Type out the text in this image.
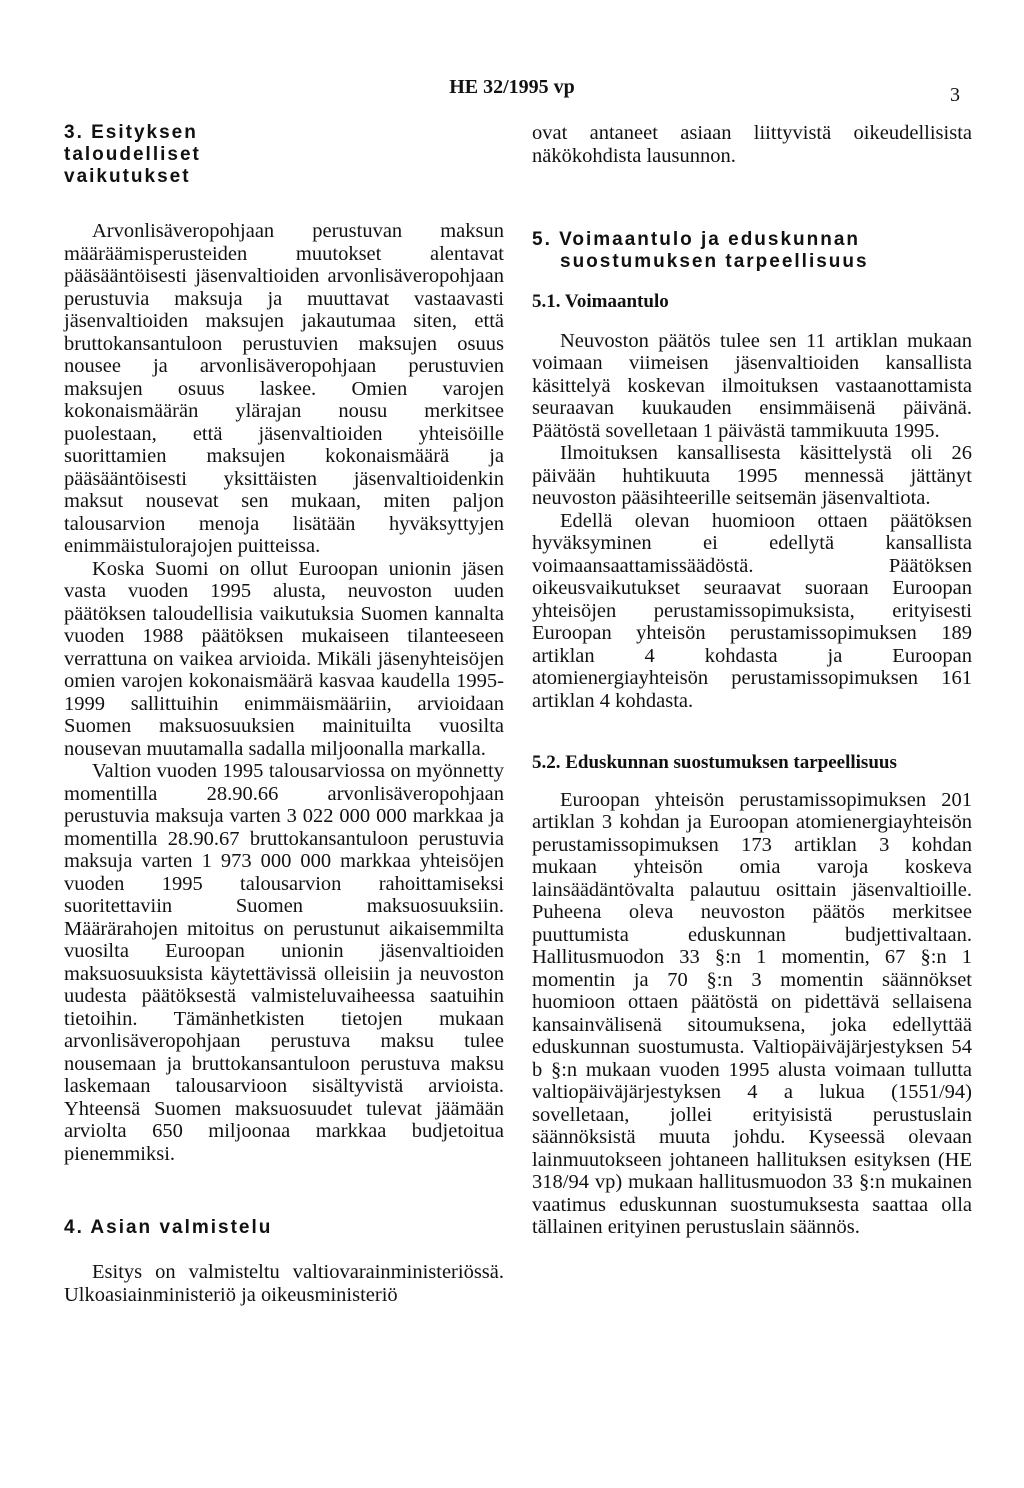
HE 32/1995 vp	3
3. Esityksen taloudelliset vaikutukset

Arvonlisäveropohjaan perustuvan maksun määräämisperusteiden muutokset alentavat pääsääntöisesti jäsenvaltioiden arvonlisäveropohjaan perustuvia maksuja ja muuttavat vastaavasti jäsenvaltioiden maksujen jakautumaa siten, että bruttokansantuloon perustuvien maksujen osuus nousee ja arvonlisäveropohjaan perustuvien maksujen osuus laskee. Omien varojen kokonaismäärän ylärajan nousu merkitsee puolestaan, että jäsenvaltioiden yhteisöille suorittamien maksujen kokonaismäärä ja pääsääntöisesti yksittäisten jäsenvaltioidenkin maksut nousevat sen mukaan, miten paljon talousarvion menoja lisätään hyväksyttyjen enimmäistulorajojen puitteissa.

Koska Suomi on ollut Euroopan unionin jäsen vasta vuoden 1995 alusta, neuvoston uuden päätöksen taloudellisia vaikutuksia Suomen kannalta vuoden 1988 päätöksen mukaiseen tilanteeseen verrattuna on vaikea arvioida. Mikäli jäsenyhteisöjen omien varojen kokonaismäärä kasvaa kaudella 1995-1999 sallittuihin enimmäismääriin, arvioidaan Suomen maksuosuuksien mainituilta vuosilta nousevan muutamalla sadalla miljoonalla markalla.

Valtion vuoden 1995 talousarviossa on myönnetty momentilla 28.90.66 arvonlisäveropohjaan perustuvia maksuja varten 3 022 000 000 markkaa ja momentilla 28.90.67 bruttokansantuloon perustuvia maksuja varten 1 973 000 000 markkaa yhteisöjen vuoden 1995 talousarvion rahoittamiseksi suoritettaviin Suomen maksuosuuksiin. Määrärahojen mitoitus on perustunut aikaisemmilta vuosilta Euroopan unionin jäsenvaltioiden maksuosuuksista käytettävissä olleisiin ja neuvoston uudesta päätöksestä valmisteluvaiheessa saatuihin tietoihin. Tämänhetkisten tietojen mukaan arvonlisäveropohjaan perustuva maksu tulee nousemaan ja bruttokansantuloon perustuva maksu laskemaan talousarvioon sisältyvistä arvioista. Yhteensä Suomen maksuosuudet tulevat jäämään arviolta 650 miljoonaa markkaa budjetoitua pienemmiksi.

4. Asian valmistelu

Esitys on valmisteltu valtiovarainministeriössä. Ulkoasiainministeriö ja oikeusministeriö

ovat antaneet asiaan liittyvistä oikeudellisista näkökohdista lausunnon.

5. Voimaantulo ja eduskunnan suostumuksen tarpeellisuus
5.1. Voimaantulo

Neuvoston päätös tulee sen 11 artiklan mukaan voimaan viimeisen jäsenvaltioiden kansallista käsittelyä koskevan ilmoituksen vastaanottamista seuraavan kuukauden ensimmäisenä päivänä. Päätöstä sovelletaan 1 päivästä tammikuuta 1995.

Ilmoituksen kansallisesta käsittelystä oli 26 päivään huhtikuuta 1995 mennessä jättänyt neuvoston pääsihteerille seitsemän jäsenvaltiota.

Edellä olevan huomioon ottaen päätöksen hyväksyminen ei edellytä kansallista voimaansaattamissäädöstä. Päätöksen oikeusvaikutukset seuraavat suoraan Euroopan yhteisöjen perustamissopimuksista, erityisesti Euroopan yhteisön perustamissopimuksen 189 artiklan 4 kohdasta ja Euroopan atomienergiayhteisön perustamissopimuksen 161 artiklan 4 kohdasta.

5.2. Eduskunnan suostumuksen tarpeellisuus

Euroopan yhteisön perustamissopimuksen 201 artiklan 3 kohdan ja Euroopan atomienergiayhteisön perustamissopimuksen 173 artiklan 3 kohdan mukaan yhteisön omia varoja koskeva lainsäädäntövalta palautuu osittain jäsenvaltioille. Puheena oleva neuvoston päätös merkitsee puuttumista eduskunnan budjettivaltaan. Hallitusmuodon 33 §:n 1 momentin, 67 §:n 1 momentin ja 70 §:n 3 momentin säännökset huomioon ottaen päätöstä on pidettävä sellaisena kansainvälisenä sitoumuksena, joka edellyttää eduskunnan suostumusta. Valtiopäiväjärjestyksen 54 b §:n mukaan vuoden 1995 alusta voimaan tullutta valtiopäiväjärjestyksen 4 a lukua (1551/94) sovelletaan, jollei erityisistä perustuslain säännöksistä muuta johdu. Kyseessä olevaan lainmuutokseen johtaneen hallituksen esityksen (HE 318/94 vp) mukaan hallitusmuodon 33 §:n mukainen vaatimus eduskunnan suostumuksesta saattaa olla tällainen erityinen perustuslain säännös.
